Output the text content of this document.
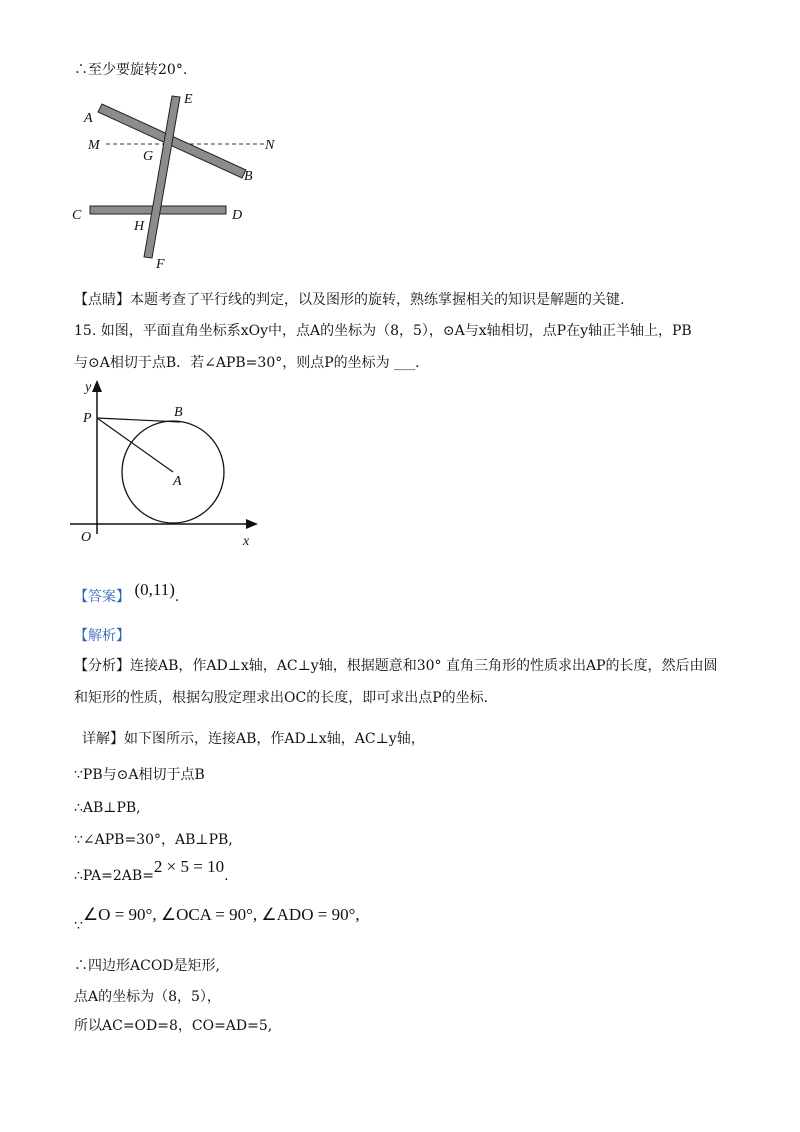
∴至少要旋转20°.
A
E
M	N
G
B
C	D
H
F
【点睛】本题考查了平行线的判定，以及图形的旋转，熟练掌握相关的知识是解题的关键.
15. 如图，平面直角坐标系xOy中，点A的坐标为（8，5），⊙A与x轴相切，点P在y轴正半轴上，PB
与⊙A相切于点B．若∠APB=30°，则点P的坐标为 ___.
y
P	B
A
O	x
【答案】 (0,11).
【解析】
【分析】连接AB，作AD⊥x轴，AC⊥y轴，根据题意和30° 直角三角形的性质求出AP的长度，然后由圆
和矩形的性质，根据勾股定理求出OC的长度，即可求出点P的坐标.
详解】如下图所示，连接AB，作AD⊥x轴，AC⊥y轴，
∵PB与⊙A相切于点B
∴AB⊥PB,
∵∠APB=30°，AB⊥PB,
∴PA=2AB=2 × 5 = 10.
∵∠O = 90°, ∠OCA = 90°, ∠ADO = 90°,
∴四边形ACOD是矩形,
点A的坐标为（8，5），
所以AC=OD=8，CO=AD=5,
